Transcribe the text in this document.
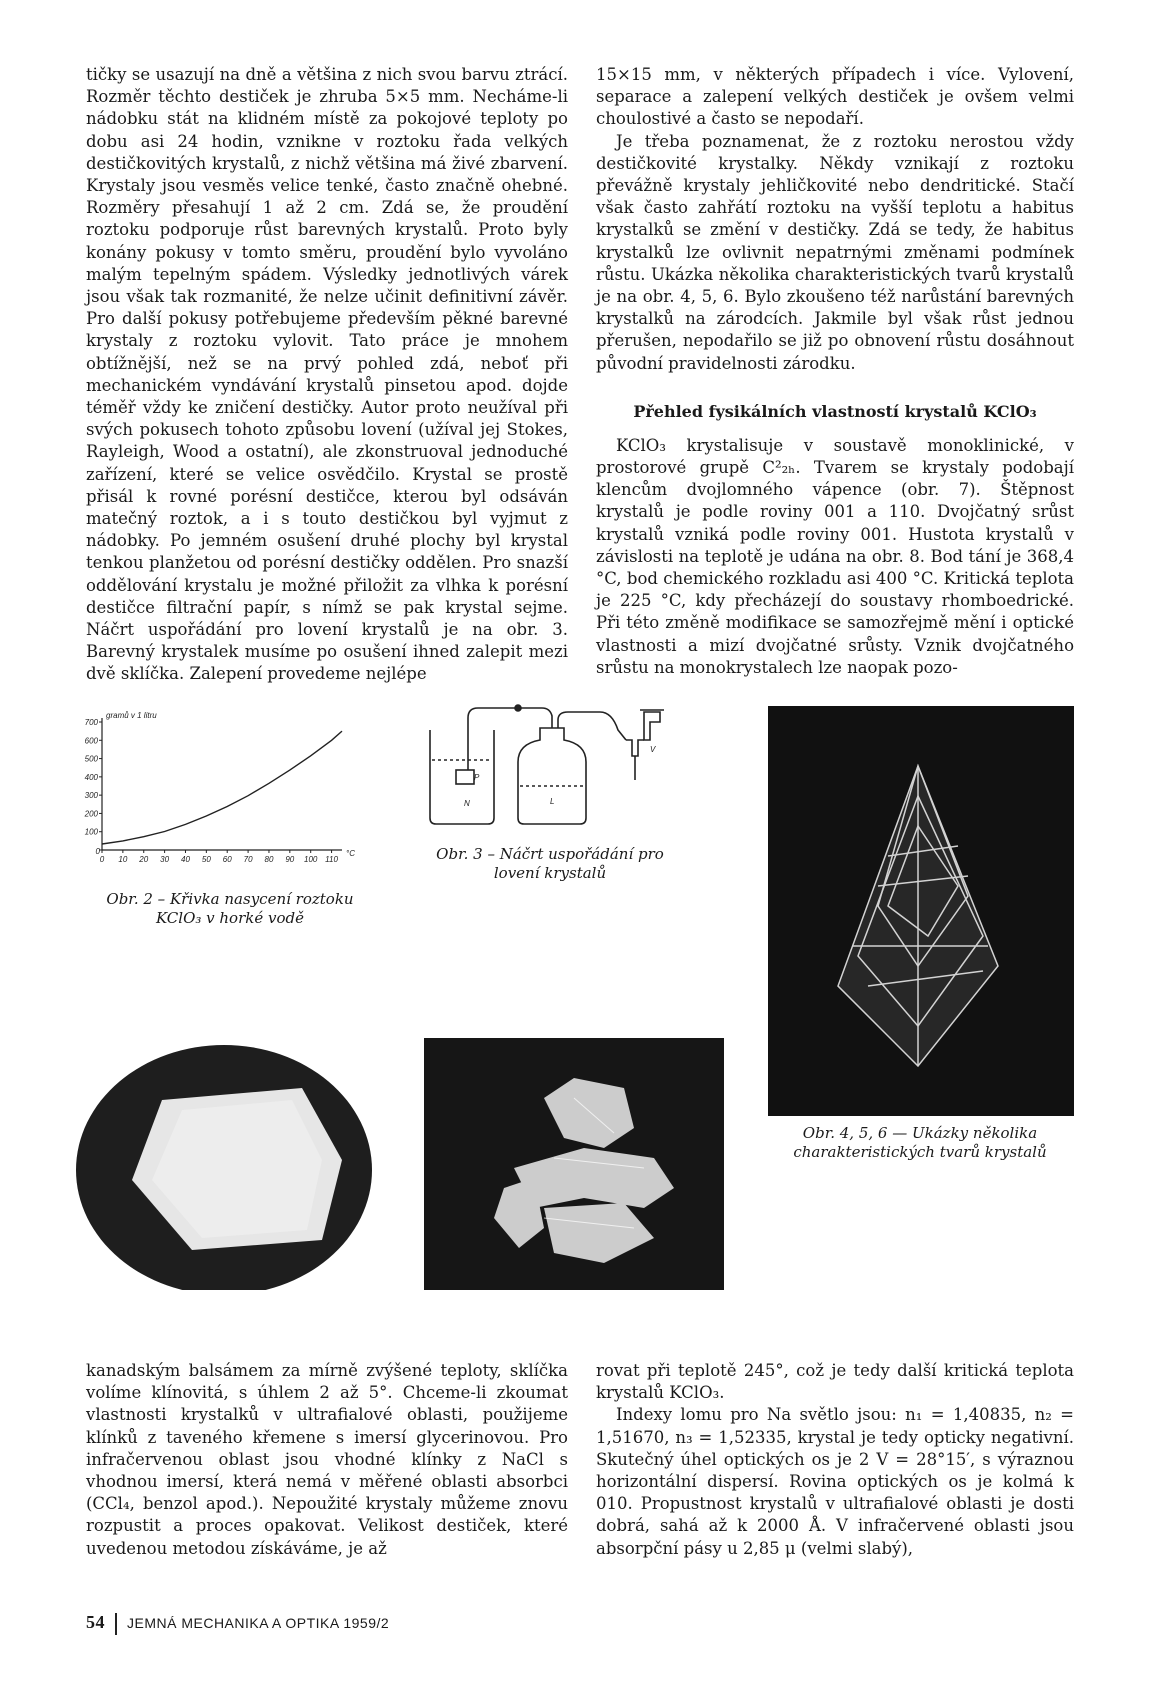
tičky se usazují na dně a většina z nich svou barvu ztrácí. Rozměr těchto destiček je zhruba 5×5 mm. Necháme-li nádobku stát na klidném místě za pokojové teploty po dobu asi 24 hodin, vznikne v roztoku řada velkých destičkovitých krystalů, z nichž většina má živé zbarvení. Krystaly jsou vesměs velice tenké, často značně ohebné. Rozměry přesahují 1 až 2 cm. Zdá se, že proudění roztoku podporuje růst barevných krystalů. Proto byly konány pokusy v tomto směru, proudění bylo vyvoláno malým tepelným spádem. Výsledky jednotlivých várek jsou však tak rozmanité, že nelze učinit definitivní závěr. Pro další pokusy potřebujeme především pěkné barevné krystaly z roztoku vylovit. Tato práce je mnohem obtížnější, než se na prvý pohled zdá, neboť při mechanickém vyndávání krystalů pinsetou apod. dojde téměř vždy ke zničení destičky. Autor proto neužíval při svých pokusech tohoto způsobu lovení (užíval jej Stokes, Rayleigh, Wood a ostatní), ale zkonstruoval jednoduché zařízení, které se velice osvědčilo. Krystal se prostě přisál k rovné porésní destičce, kterou byl odsáván matečný roztok, a i s touto destičkou byl vyjmut z nádobky. Po jemném osušení druhé plochy byl krystal tenkou planžetou od porésní destičky oddělen. Pro snazší oddělování krystalu je možné přiložit za vlhka k porésní destičce filtrační papír, s nímž se pak krystal sejme. Náčrt uspořádání pro lovení krystalů je na obr. 3. Barevný krystalek musíme po osušení ihned zalepit mezi dvě sklíčka. Zalepení provedeme nejlépe

15×15 mm, v některých případech i více. Vylovení, separace a zalepení velkých destiček je ovšem velmi choulostivé a často se nepodaří.

Je třeba poznamenat, že z roztoku nerostou vždy destičkovité krystalky. Někdy vznikají z roztoku převážně krystaly jehličkovité nebo dendritické. Stačí však často zahřátí roztoku na vyšší teplotu a habitus krystalků se změní v destičky. Zdá se tedy, že habitus krystalků lze ovlivnit nepatrnými změnami podmínek růstu. Ukázka několika charakteristických tvarů krystalů je na obr. 4, 5, 6. Bylo zkoušeno též narůstání barevných krystalků na zárodcích. Jakmile byl však růst jednou přerušen, nepodařilo se již po obnovení růstu dosáhnout původní pravidelnosti zárodku.

Přehled fysikálních vlastností krystalů KClO₃

KClO₃ krystalisuje v soustavě monoklinické, v prostorové grupě C²₂ₕ. Tvarem se krystaly podobají klencům dvojlomného vápence (obr. 7). Štěpnost krystalů je podle roviny 001 a 110. Dvojčatný srůst krystalů vzniká podle roviny 001. Hustota krystalů v závislosti na teplotě je udána na obr. 8. Bod tání je 368,4 °C, bod chemického rozkladu asi 400 °C. Kritická teplota je 225 °C, kdy přecházejí do soustavy rhomboedrické. Při této změně modifikace se samozřejmě mění i optické vlastnosti a mizí dvojčatné srůsty. Vznik dvojčatného srůstu na monokrystalech lze naopak pozo-

100
200
300
400
500
600
700
0 10 20 30 40 50 60 70 80 90 100 110
gramů v 1 litru
°C
0
Obr. 2 – Křivka nasycení roztoku KClO₃ v horké vodě
N
P
L
V
Obr. 3 – Náčrt uspořádání pro lovení krystalů
Obr. 4, 5, 6 — Ukázky několika charakteristických tvarů krystalů

kanadským balsámem za mírně zvýšené teploty, sklíčka volíme klínovitá, s úhlem 2 až 5°. Chceme-li zkoumat vlastnosti krystalků v ultrafialové oblasti, použijeme klínků z taveného křemene s imersí glycerinovou. Pro infračervenou oblast jsou vhodné klínky z NaCl s vhodnou imersí, která nemá v měřené oblasti absorbci (CCl₄, benzol apod.). Nepoužité krystaly můžeme znovu rozpustit a proces opakovat. Velikost destiček, které uvedenou metodou získáváme, je až

rovat při teplotě 245°, což je tedy další kritická teplota krystalů KClO₃.

Indexy lomu pro Na světlo jsou: n₁ = 1,40835, n₂ = 1,51670, n₃ = 1,52335, krystal je tedy opticky negativní. Skutečný úhel optických os je 2 V = 28°15′, s výraznou horizontální dispersí. Rovina optických os je kolmá k 010. Propustnost krystalů v ultrafialové oblasti je dosti dobrá, sahá až k 2000 Å. V infračervené oblasti jsou absorpční pásy u 2,85 μ (velmi slabý),

54 JEMNÁ MECHANIKA A OPTIKA 1959/2
